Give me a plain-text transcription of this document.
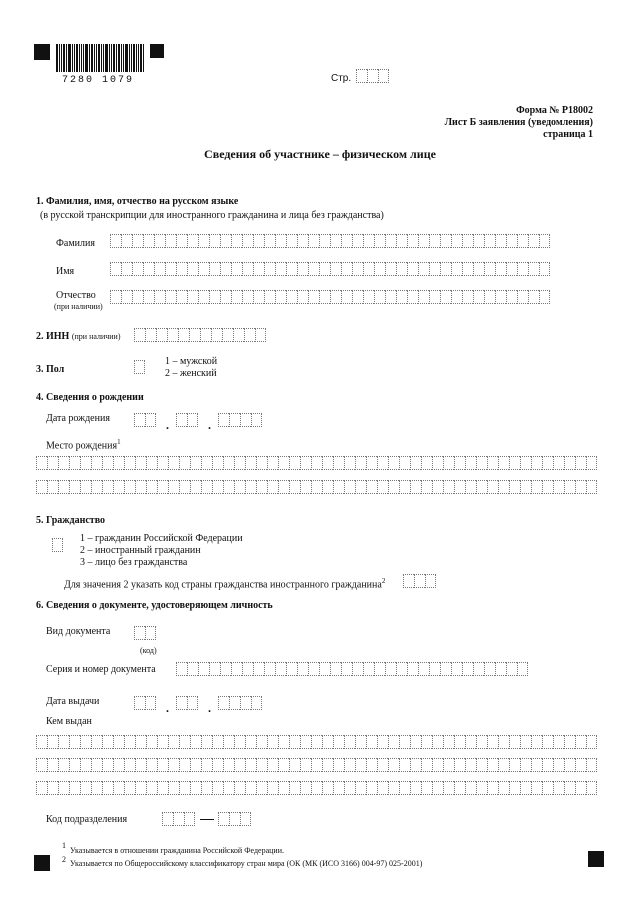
7280 1079	Стр.
Форма № Р18002
Лист Б заявления (уведомления)
страница 1
Сведения об участнике – физическом лице
1. Фамилия, имя, отчество на русском языке
(в русской транскрипции для иностранного гражданина и лица без гражданства)
Фамилия
Имя
Отчество
(при наличии)
2. ИНН (при наличии)
3. Пол
1 – мужской
2 – женский
4. Сведения о рождении
Дата рождения	.	.
Место рождения$^1$
5. Гражданство
1 – гражданин Российской Федерации
2 – иностранный гражданин
3 – лицо без гражданства
Для значения 2 указать код страны гражданства иностранного гражданина$^2$
6. Сведения о документе, удостоверяющем личность
Вид документа
(код)
Серия и номер документа
Дата выдачи	.	.
Кем выдан
Код подразделения
1
Указывается в отношении гражданина Российской Федерации.
2 Указывается по Общероссийскому классификатору стран мира (ОК (МК (ИСО 3166) 004-97) 025-2001)
